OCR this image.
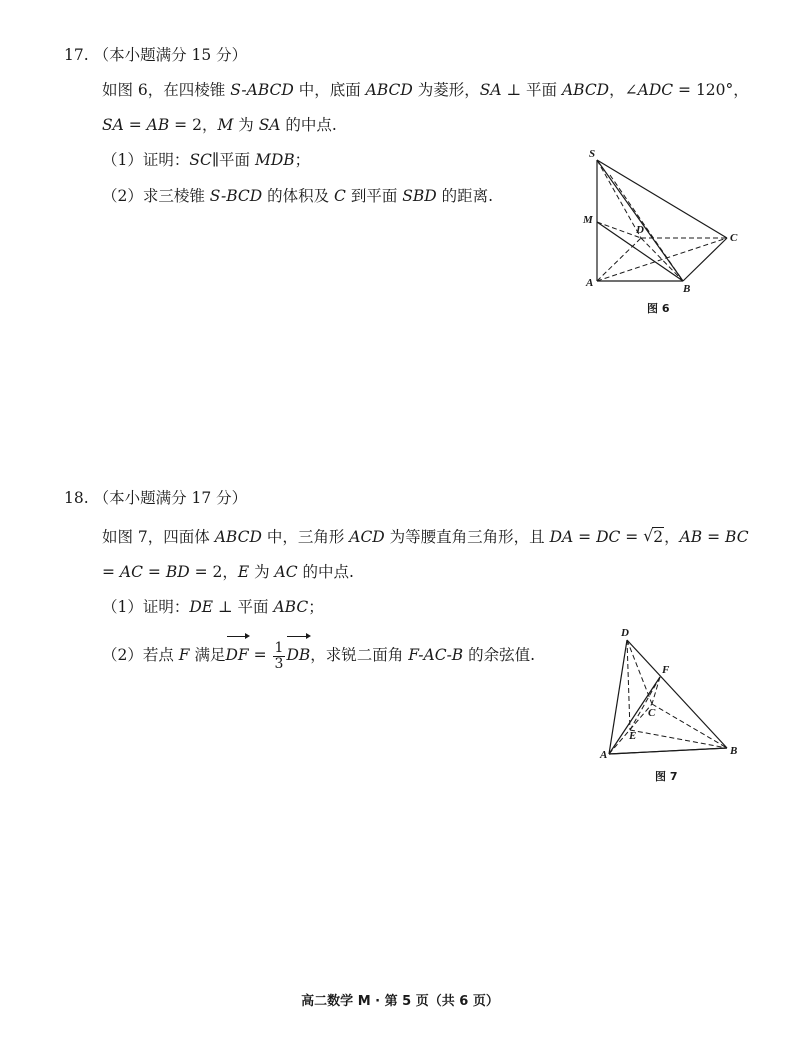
17. （本小题满分 15 分）
如图 6，在四棱锥 S-ABCD 中，底面 ABCD 为菱形，SA ⊥ 平面 ABCD，∠ADC = 120°，
SA = AB = 2，M 为 SA 的中点.
（1）证明：SC∥平面 MDB；
（2）求三棱锥 S-BCD 的体积及 C 到平面 SBD 的距离.
S
M
D
C
A	B
图 6
18. （本小题满分 17 分）
如图 7，四面体 ABCD 中，三角形 ACD 为等腰直角三角形，且 DA = DC = √ 2，AB = BC
= AC = BD = 2，E 为 AC 的中点.
（1）证明：DE ⊥ 平面 ABC；
（2）若点 F 满足DF = $\frac{1}{3}$ DB，求锐二面角 F-AC-B 的余弦值.
D
F
C
E
A	B
图 7
高二数学 M · 第 5 页（共 6 页）
